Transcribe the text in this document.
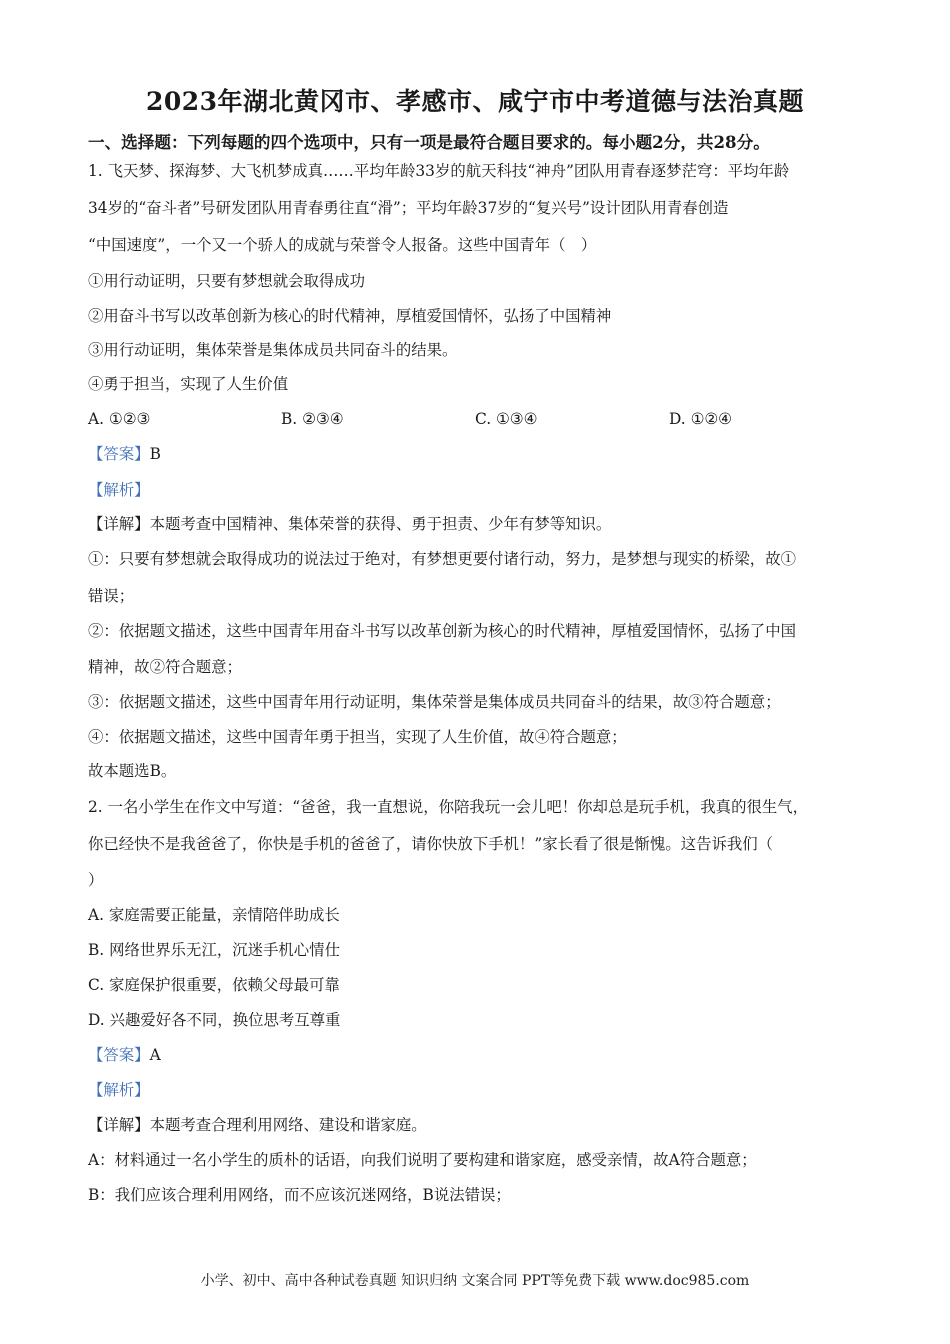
2023年湖北黄冈市、孝感市、咸宁市中考道德与法治真题
一、选择题：下列每题的四个选项中，只有一项是最符合题目要求的。每小题2分，共28分。
1. 飞天梦、探海梦、大飞机梦成真……平均年龄33岁的航天科技“神舟”团队用青春逐梦茫穹：平均年龄
34岁的“奋斗者”号研发团队用青春勇往直“滑”；平均年龄37岁的“复兴号”设计团队用青春创造
“中国速度”，一个又一个骄人的成就与荣誉令人报备。这些中国青年（　）
①用行动证明，只要有梦想就会取得成功
②用奋斗书写以改革创新为核心的时代精神，厚植爱国情怀，弘扬了中国精神
③用行动证明，集体荣誉是集体成员共同奋斗的结果。
④勇于担当，实现了人生价值
A. ①②③	B. ②③④	C. ①③④	D. ①②④
【答案】B
【解析】
【详解】本题考查中国精神、集体荣誉的获得、勇于担责、少年有梦等知识。
①：只要有梦想就会取得成功的说法过于绝对，有梦想更要付诸行动，努力，是梦想与现实的桥梁，故①
错误；
②：依据题文描述，这些中国青年用奋斗书写以改革创新为核心的时代精神，厚植爱国情怀，弘扬了中国
精神，故②符合题意；
③：依据题文描述，这些中国青年用行动证明，集体荣誉是集体成员共同奋斗的结果，故③符合题意；
④：依据题文描述，这些中国青年勇于担当，实现了人生价值，故④符合题意；
故本题选B。
2. 一名小学生在作文中写道：“爸爸，我一直想说，你陪我玩一会儿吧！你却总是玩手机，我真的很生气，
你已经快不是我爸爸了，你快是手机的爸爸了，请你快放下手机！”家长看了很是惭愧。这告诉我们（
）
A. 家庭需要正能量，亲情陪伴助成长
B. 网络世界乐无江，沉迷手机心情仕
C. 家庭保护很重要，依赖父母最可靠
D. 兴趣爱好各不同，换位思考互尊重
【答案】A
【解析】
【详解】本题考查合理利用网络、建设和谐家庭。
A：材料通过一名小学生的质朴的话语，向我们说明了要构建和谐家庭，感受亲情，故A符合题意；
B：我们应该合理利用网络，而不应该沉迷网络，B说法错误；
小学、初中、高中各种试卷真题 知识归纳 文案合同 PPT等免费下载 www.doc985.com
